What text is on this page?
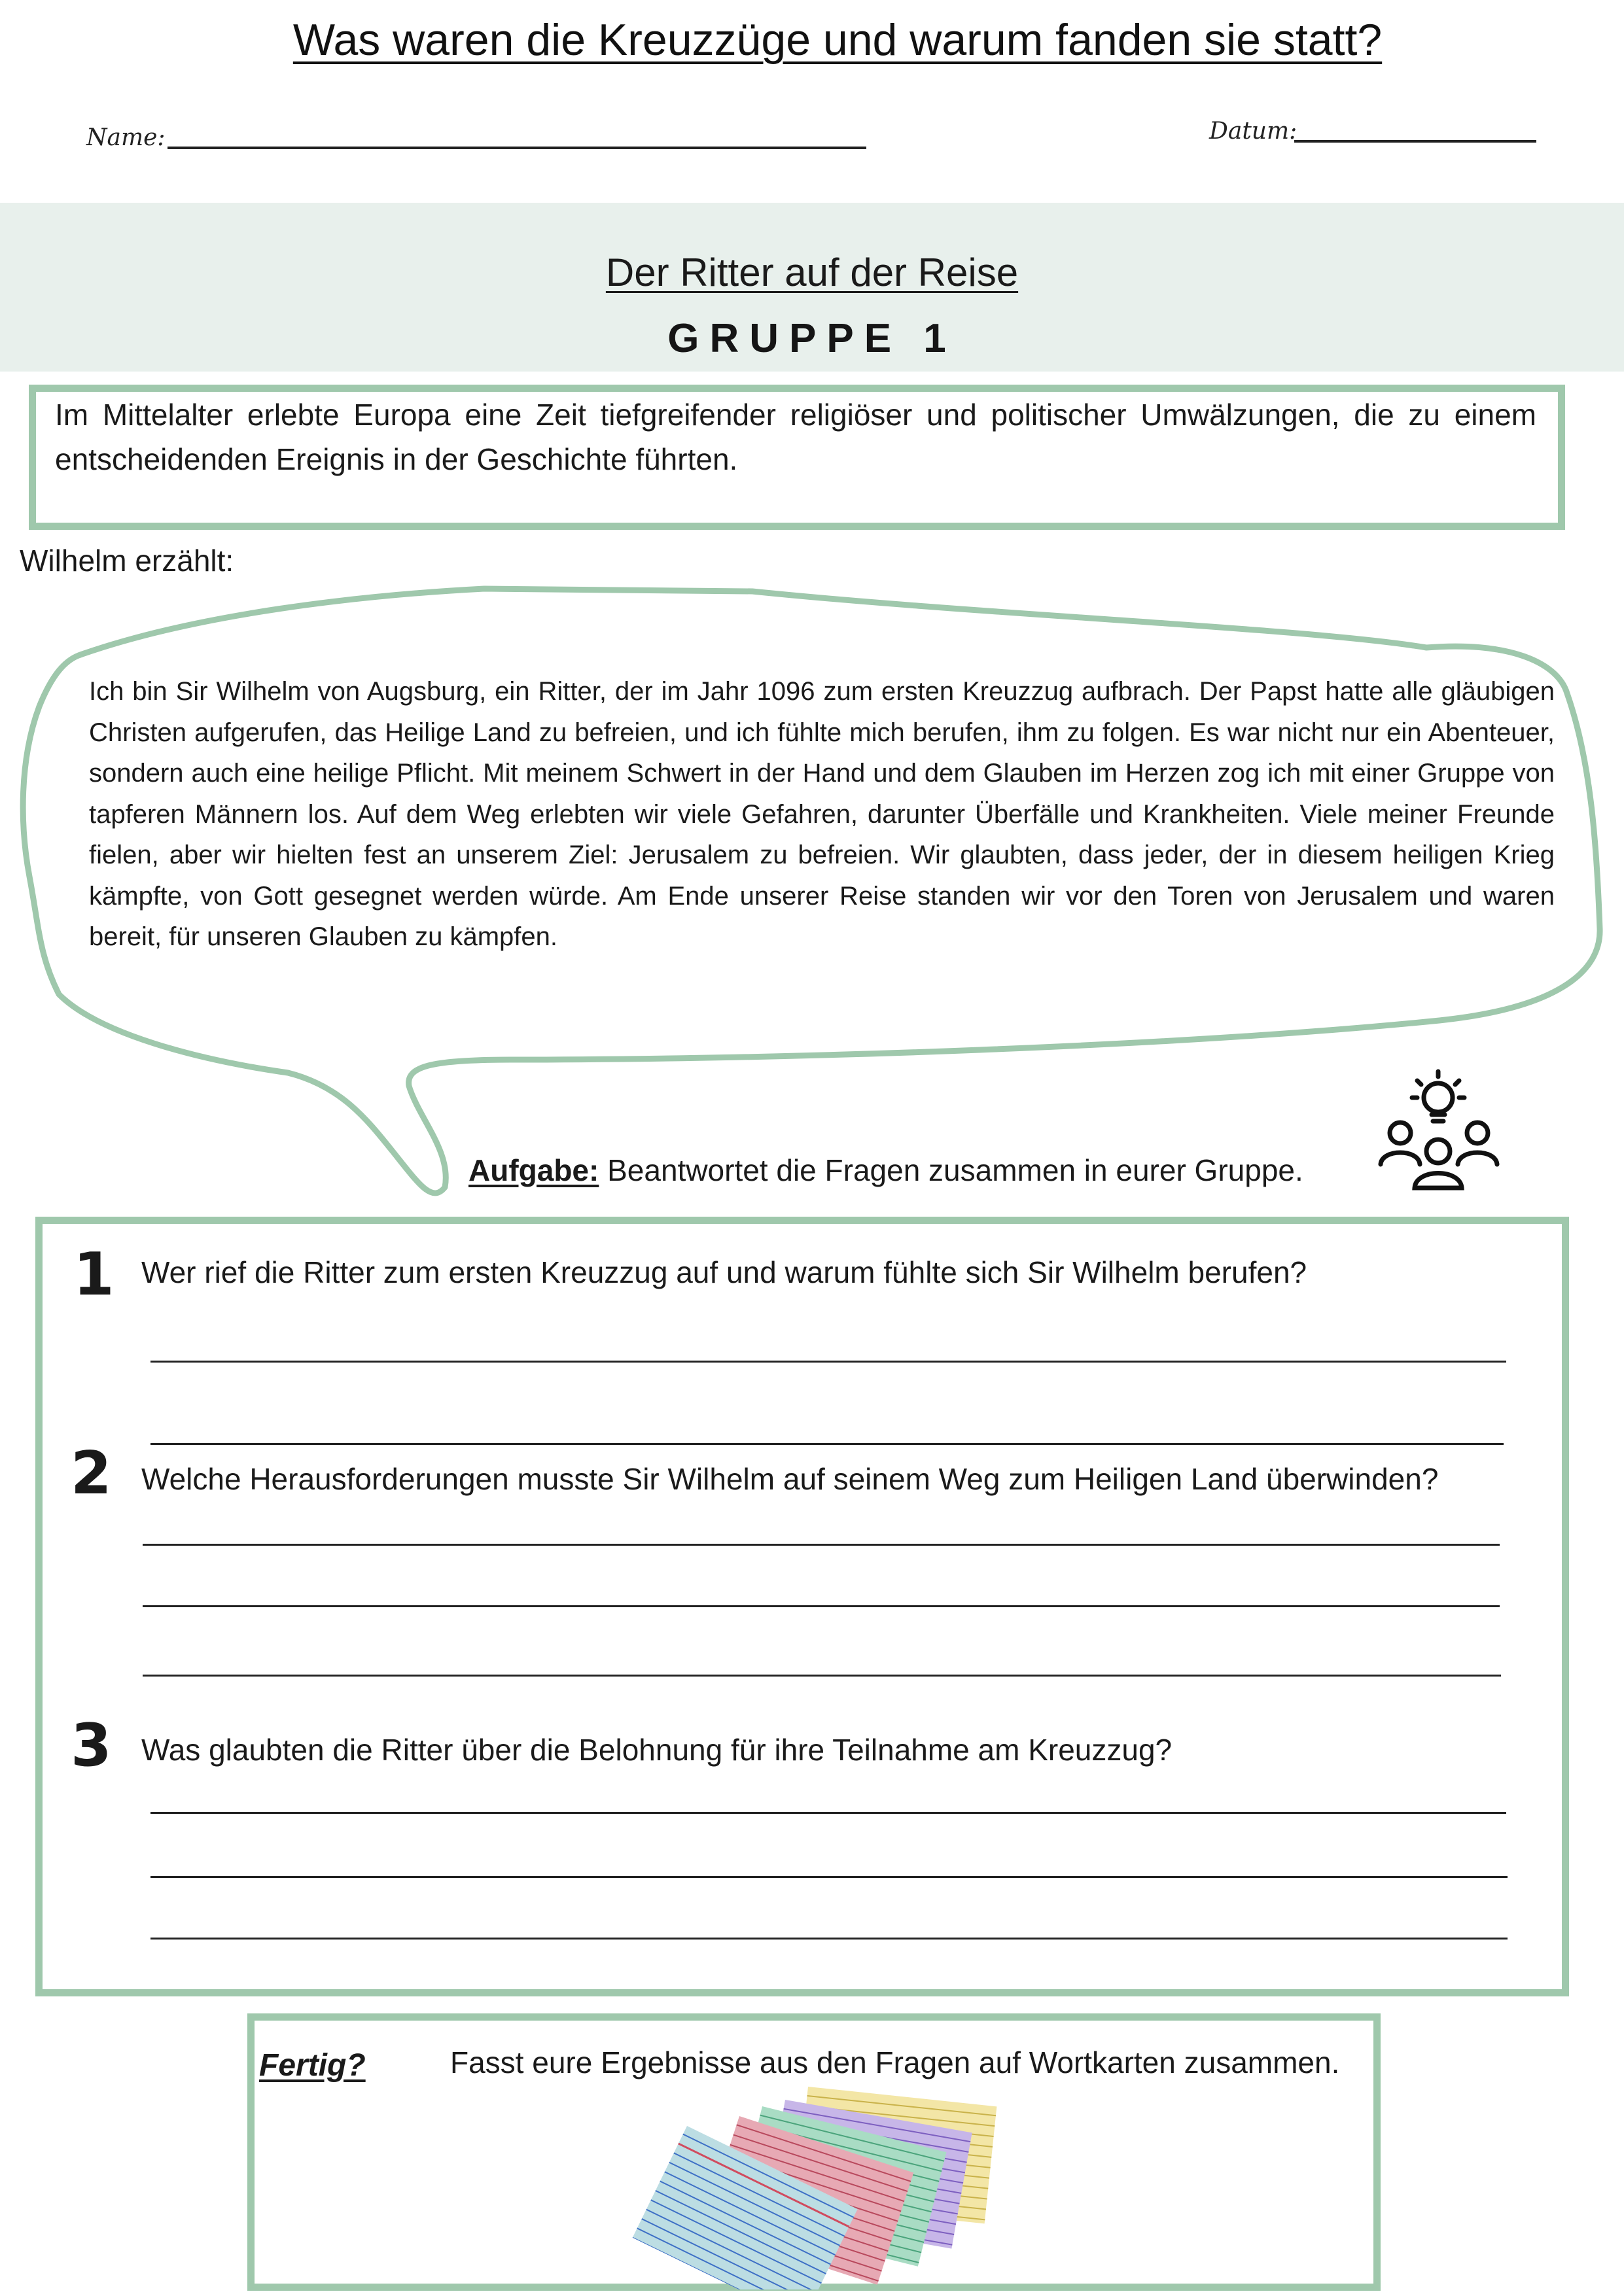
Was waren die Kreuzzüge und warum fanden sie statt?
Name:	Datum:
Der Ritter auf der Reise
GRUPPE 1
Im Mittelalter erlebte Europa eine Zeit tiefgreifender religiöser und politischer Umwälzungen, die zu einem entscheidenden Ereignis in der Geschichte führten.
Wilhelm erzählt:
Ich bin Sir Wilhelm von Augsburg, ein Ritter, der im Jahr 1096 zum ersten Kreuzzug aufbrach. Der Papst hatte alle gläubigen Christen aufgerufen, das Heilige Land zu befreien, und ich fühlte mich berufen, ihm zu folgen. Es war nicht nur ein Abenteuer, sondern auch eine heilige Pflicht. Mit meinem Schwert in der Hand und dem Glauben im Herzen zog ich mit einer Gruppe von tapferen Männern los. Auf dem Weg erlebten wir viele Gefahren, darunter Überfälle und Krankheiten. Viele meiner Freunde fielen, aber wir hielten fest an unserem Ziel: Jerusalem zu befreien. Wir glaubten, dass jeder, der in diesem heiligen Krieg kämpfte, von Gott gesegnet werden würde. Am Ende unserer Reise standen wir vor den Toren von Jerusalem und waren bereit, für unseren Glauben zu kämpfen.
Aufgabe: Beantwortet die Fragen zusammen in eurer Gruppe.
1 Wer rief die Ritter zum ersten Kreuzzug auf und warum fühlte sich Sir Wilhelm berufen?
2 Welche Herausforderungen musste Sir Wilhelm auf seinem Weg zum Heiligen Land überwinden?
3 Was glaubten die Ritter über die Belohnung für ihre Teilnahme am Kreuzzug?
Fertig?	Fasst eure Ergebnisse aus den Fragen auf Wortkarten zusammen.
